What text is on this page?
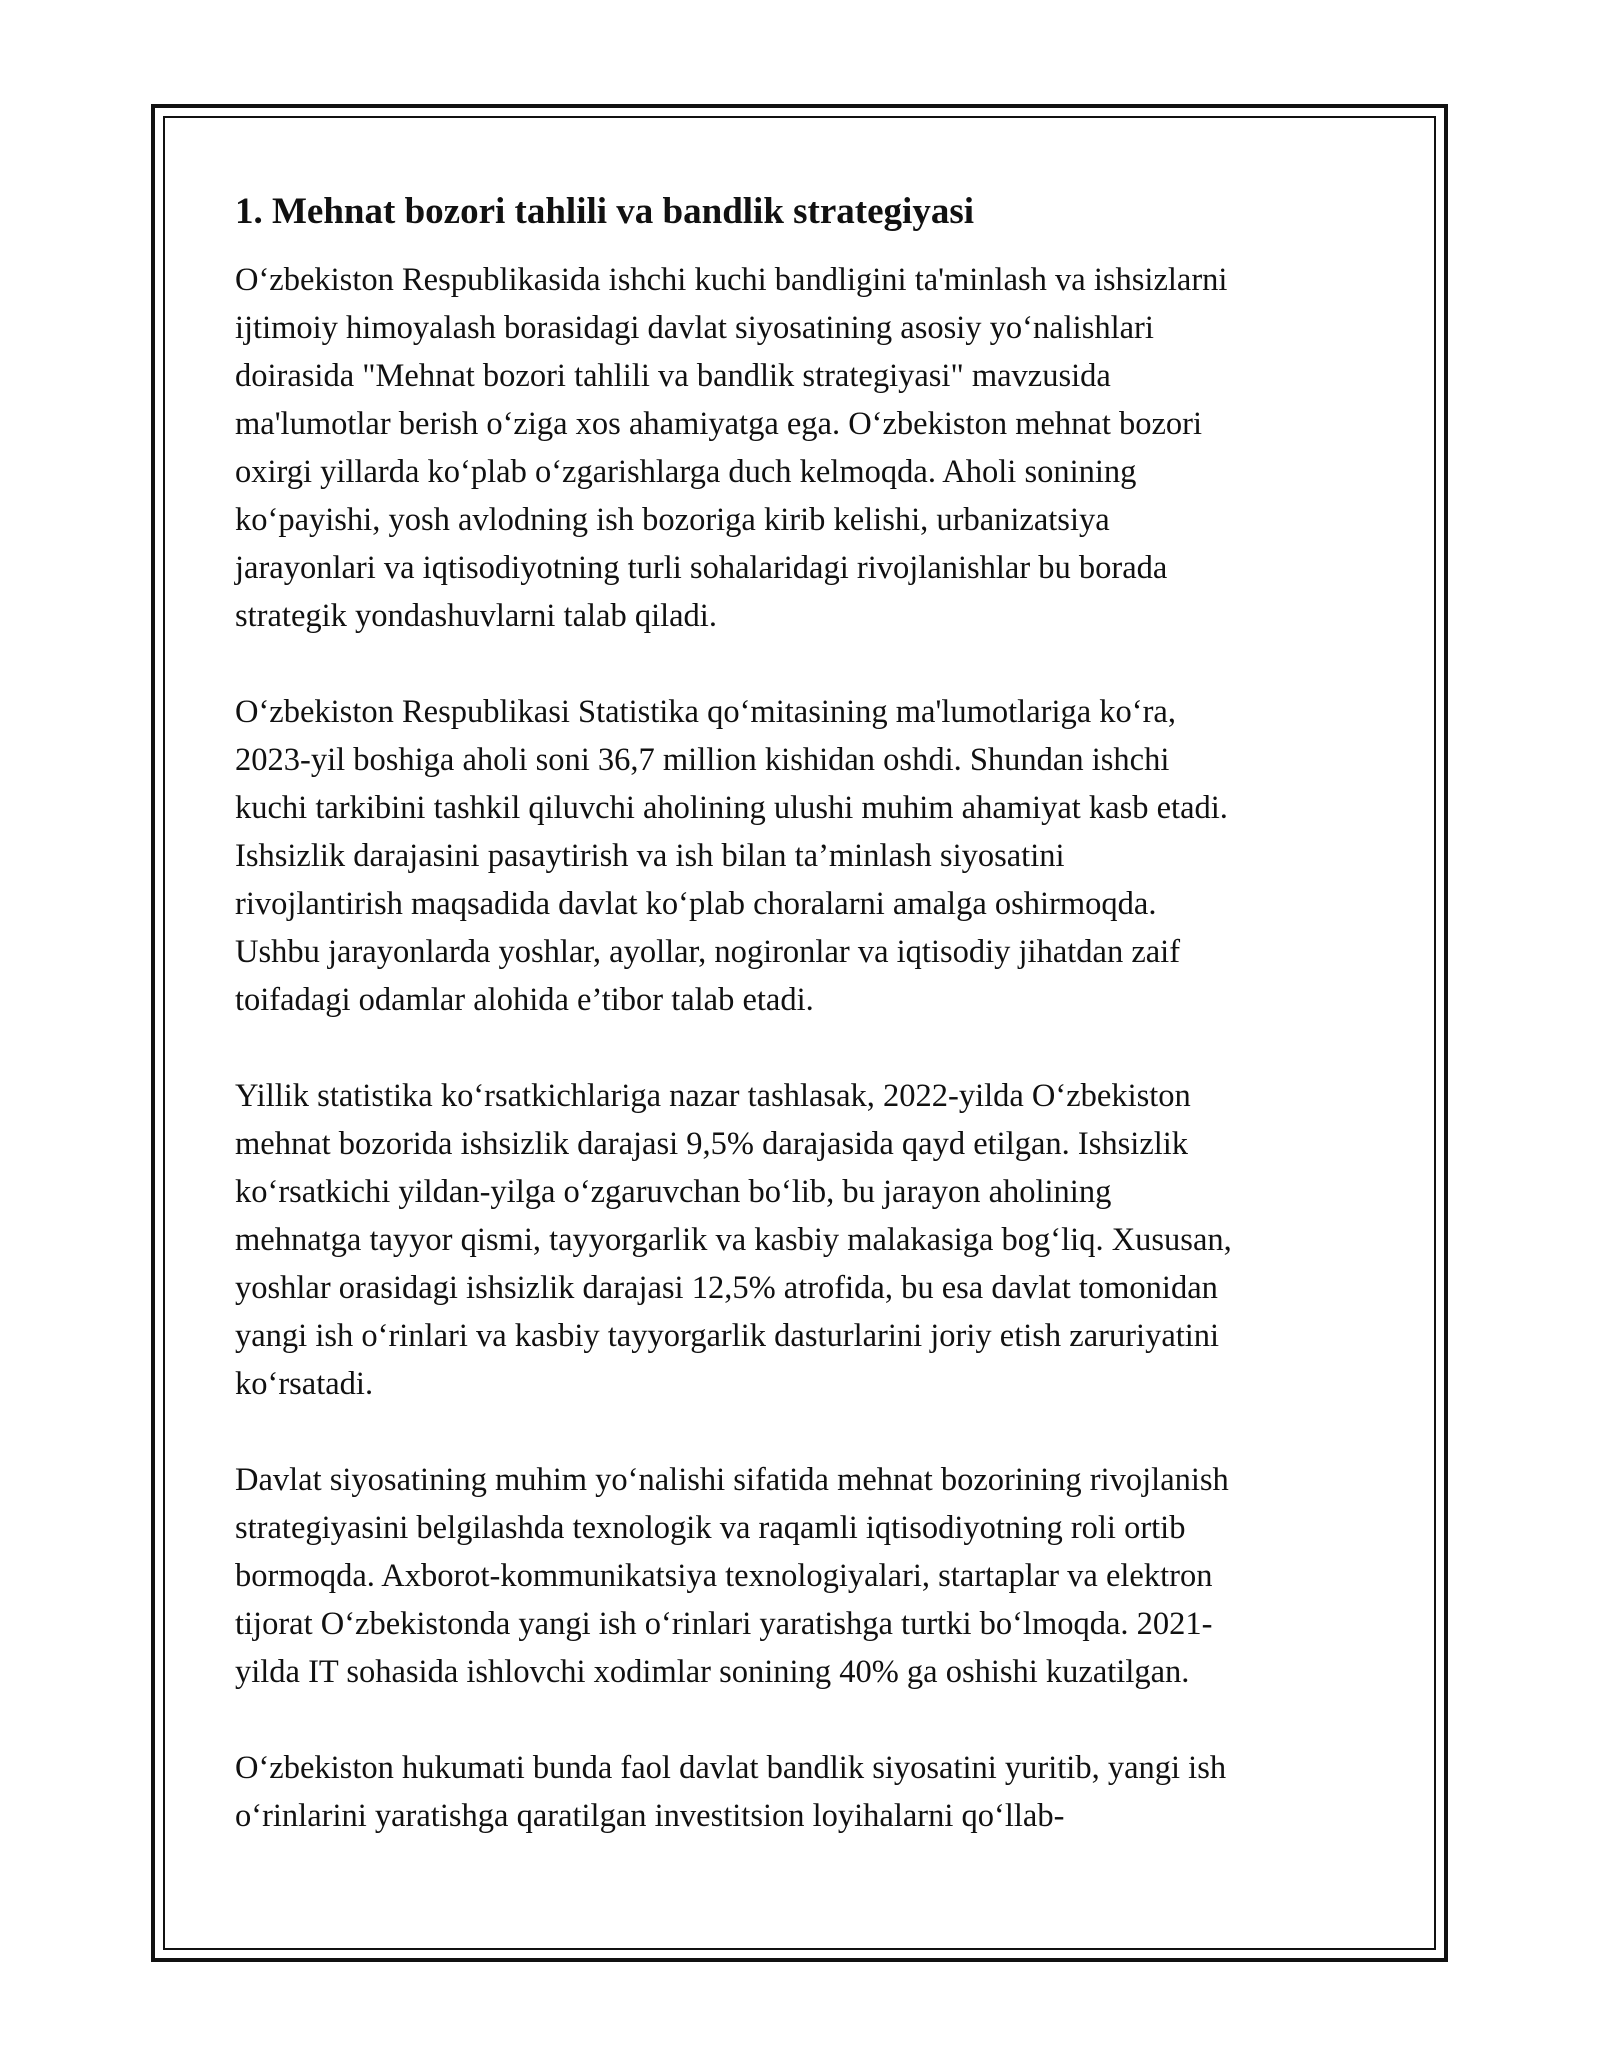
1. Mehnat bozori tahlili va bandlik strategiyasi

O‘zbekiston Respublikasida ishchi kuchi bandligini ta'minlash va ishsizlarni
ijtimoiy himoyalash borasidagi davlat siyosatining asosiy yo‘nalishlari
doirasida "Mehnat bozori tahlili va bandlik strategiyasi" mavzusida
ma'lumotlar berish o‘ziga xos ahamiyatga ega. O‘zbekiston mehnat bozori
oxirgi yillarda ko‘plab o‘zgarishlarga duch kelmoqda. Aholi sonining
ko‘payishi, yosh avlodning ish bozoriga kirib kelishi, urbanizatsiya
jarayonlari va iqtisodiyotning turli sohalaridagi rivojlanishlar bu borada
strategik yondashuvlarni talab qiladi.

O‘zbekiston Respublikasi Statistika qo‘mitasining ma'lumotlariga ko‘ra,
2023-yil boshiga aholi soni 36,7 million kishidan oshdi. Shundan ishchi
kuchi tarkibini tashkil qiluvchi aholining ulushi muhim ahamiyat kasb etadi.
Ishsizlik darajasini pasaytirish va ish bilan ta’minlash siyosatini
rivojlantirish maqsadida davlat ko‘plab choralarni amalga oshirmoqda.
Ushbu jarayonlarda yoshlar, ayollar, nogironlar va iqtisodiy jihatdan zaif
toifadagi odamlar alohida e’tibor talab etadi.

Yillik statistika ko‘rsatkichlariga nazar tashlasak, 2022-yilda O‘zbekiston
mehnat bozorida ishsizlik darajasi 9,5% darajasida qayd etilgan. Ishsizlik
ko‘rsatkichi yildan-yilga o‘zgaruvchan bo‘lib, bu jarayon aholining
mehnatga tayyor qismi, tayyorgarlik va kasbiy malakasiga bog‘liq. Xususan,
yoshlar orasidagi ishsizlik darajasi 12,5% atrofida, bu esa davlat tomonidan
yangi ish o‘rinlari va kasbiy tayyorgarlik dasturlarini joriy etish zaruriyatini
ko‘rsatadi.

Davlat siyosatining muhim yo‘nalishi sifatida mehnat bozorining rivojlanish
strategiyasini belgilashda texnologik va raqamli iqtisodiyotning roli ortib
bormoqda. Axborot-kommunikatsiya texnologiyalari, startaplar va elektron
tijorat O‘zbekistonda yangi ish o‘rinlari yaratishga turtki bo‘lmoqda. 2021-
yilda IT sohasida ishlovchi xodimlar sonining 40% ga oshishi kuzatilgan.

O‘zbekiston hukumati bunda faol davlat bandlik siyosatini yuritib, yangi ish
o‘rinlarini yaratishga qaratilgan investitsion loyihalarni qo‘llab-
